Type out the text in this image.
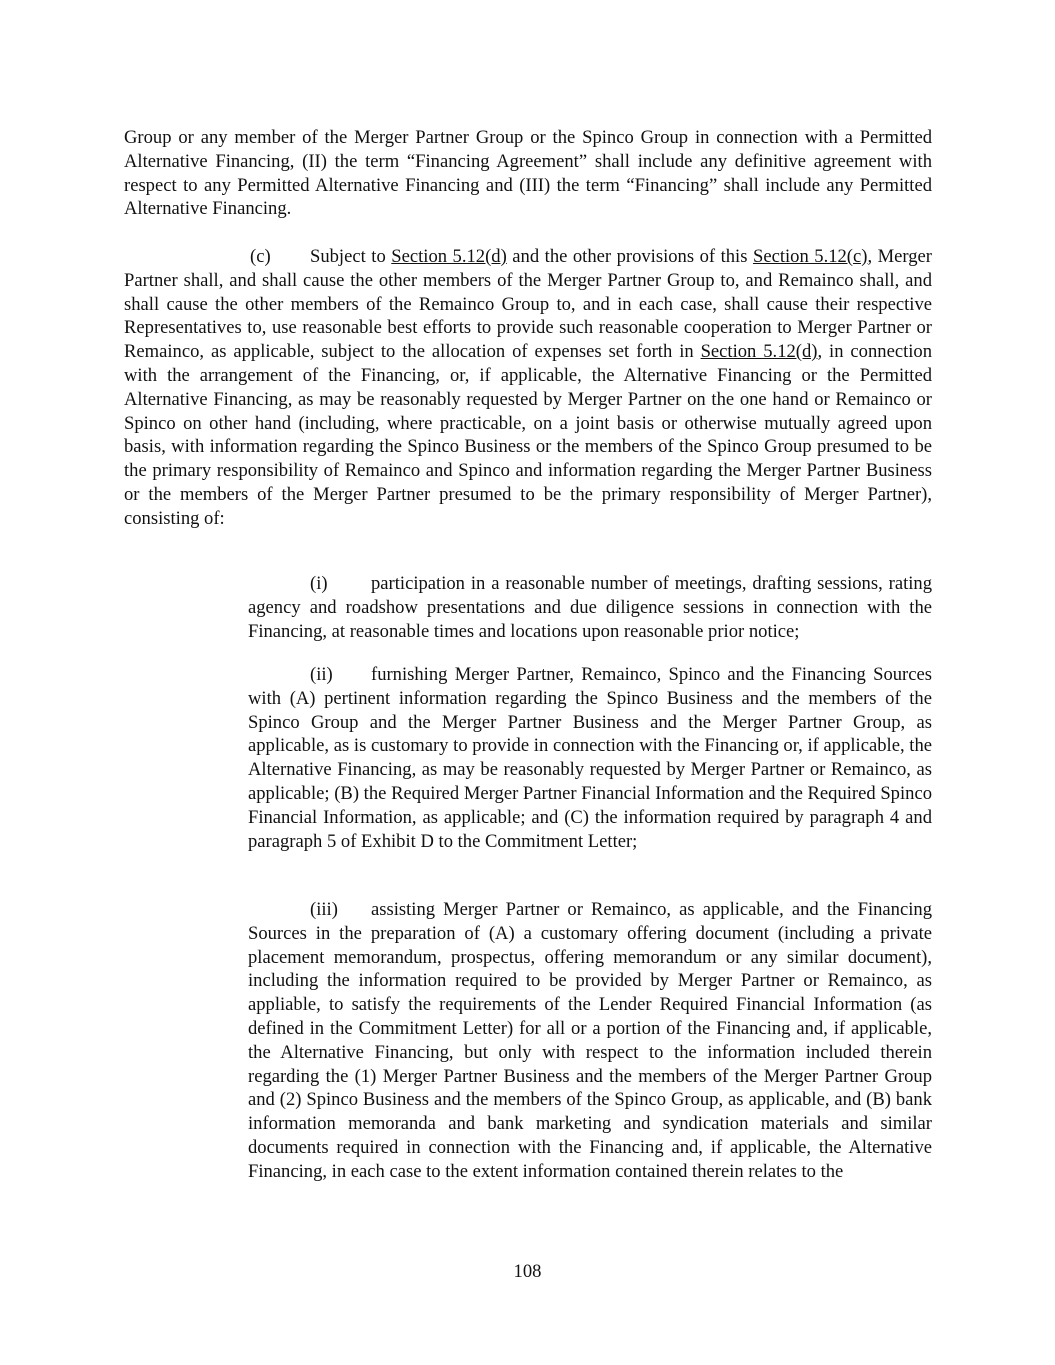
Group or any member of the Merger Partner Group or the Spinco Group in connection with a Permitted Alternative Financing, (II) the term “Financing Agreement” shall include any definitive agreement with respect to any Permitted Alternative Financing and (III) the term “Financing” shall include any Permitted Alternative Financing.

(c) Subject to Section 5.12(d) and the other provisions of this Section 5.12(c), Merger Partner shall, and shall cause the other members of the Merger Partner Group to, and Remainco shall, and shall cause the other members of the Remainco Group to, and in each case, shall cause their respective Representatives to, use reasonable best efforts to provide such reasonable cooperation to Merger Partner or Remainco, as applicable, subject to the allocation of expenses set forth in Section 5.12(d), in connection with the arrangement of the Financing, or, if applicable, the Alternative Financing or the Permitted Alternative Financing, as may be reasonably requested by Merger Partner on the one hand or Remainco or Spinco on other hand (including, where practicable, on a joint basis or otherwise mutually agreed upon basis, with information regarding the Spinco Business or the members of the Spinco Group presumed to be the primary responsibility of Remainco and Spinco and information regarding the Merger Partner Business or the members of the Merger Partner presumed to be the primary responsibility of Merger Partner), consisting of:

(i) participation in a reasonable number of meetings, drafting sessions, rating agency and roadshow presentations and due diligence sessions in connection with the Financing, at reasonable times and locations upon reasonable prior notice;

(ii) furnishing Merger Partner, Remainco, Spinco and the Financing Sources with (A) pertinent information regarding the Spinco Business and the members of the Spinco Group and the Merger Partner Business and the Merger Partner Group, as applicable, as is customary to provide in connection with the Financing or, if applicable, the Alternative Financing, as may be reasonably requested by Merger Partner or Remainco, as applicable; (B) the Required Merger Partner Financial Information and the Required Spinco Financial Information, as applicable; and (C) the information required by paragraph 4 and paragraph 5 of Exhibit D to the Commitment Letter;

(iii) assisting Merger Partner or Remainco, as applicable, and the Financing Sources in the preparation of (A) a customary offering document (including a private placement memorandum, prospectus, offering memorandum or any similar document), including the information required to be provided by Merger Partner or Remainco, as appliable, to satisfy the requirements of the Lender Required Financial Information (as defined in the Commitment Letter) for all or a portion of the Financing and, if applicable, the Alternative Financing, but only with respect to the information included therein regarding the (1) Merger Partner Business and the members of the Merger Partner Group and (2) Spinco Business and the members of the Spinco Group, as applicable, and (B) bank information memoranda and bank marketing and syndication materials and similar documents required in connection with the Financing and, if applicable, the Alternative Financing, in each case to the extent information contained therein relates to the

108
